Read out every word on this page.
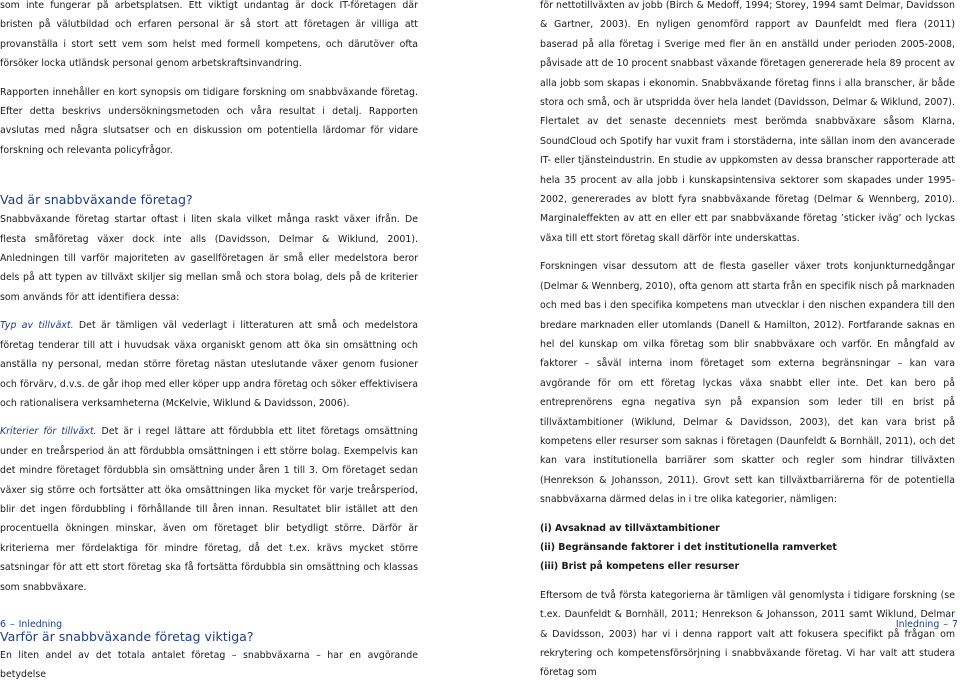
som inte fungerar på arbetsplatsen. Ett viktigt undantag är dock IT-företagen där bristen på välutbildad och erfaren personal är så stort att företagen är villiga att provanställa i stort sett vem som helst med formell kompetens, och därutöver ofta försöker locka utländsk personal genom arbetskraftsinvandring.

Rapporten innehåller en kort synopsis om tidigare forskning om snabbväxande företag. Efter detta beskrivs undersökningsmetoden och våra resultat i detalj. Rapporten avslutas med några slutsatser och en diskussion om potentiella lärdomar för vidare forskning och relevanta policyfrågor.

Vad är snabbväxande företag?

Snabbväxande företag startar oftast i liten skala vilket många raskt växer ifrån. De flesta småföretag växer dock inte alls (Davidsson, Delmar & Wiklund, 2001). Anledningen till varför majoriteten av gasellföretagen är små eller medelstora beror dels på att typen av tillväxt skiljer sig mellan små och stora bolag, dels på de kriterier som används för att identifiera dessa:

Typ av tillväxt. Det är tämligen väl vederlagt i litteraturen att små och medelstora företag tenderar till att i huvudsak växa organiskt genom att öka sin omsättning och anställa ny personal, medan större företag nästan uteslutande växer genom fusioner och förvärv, d.v.s. de går ihop med eller köper upp andra företag och söker effektivisera och rationalisera verksamheterna (McKelvie, Wiklund & Davidsson, 2006).

Kriterier för tillväxt. Det är i regel lättare att fördubbla ett litet företags omsättning under en treårsperiod än att fördubbla omsättningen i ett större bolag. Exempelvis kan det mindre företaget fördubbla sin omsättning under åren 1 till 3. Om företaget sedan växer sig större och fortsätter att öka omsättningen lika mycket för varje treårsperiod, blir det ingen fördubbling i förhållande till åren innan. Resultatet blir istället att den procentuella ökningen minskar, även om företaget blir betydligt större. Därför är kriterierna mer fördelaktiga för mindre företag, då det t.ex. krävs mycket större satsningar för att ett stort företag ska få fortsätta fördubbla sin omsättning och klassas som snabbväxare.

Varför är snabbväxande företag viktiga?

En liten andel av det totala antalet företag – snabbväxarna – har en avgörande betydelse

för nettotillväxten av jobb (Birch & Medoff, 1994; Storey, 1994 samt Delmar, Davidsson & Gartner, 2003). En nyligen genomförd rapport av Daunfeldt med flera (2011) baserad på alla företag i Sverige med fler än en anställd under perioden 2005-2008, påvisade att de 10 procent snabbast växande företagen genererade hela 89 procent av alla jobb som skapas i ekonomin. Snabbväxande företag finns i alla branscher, är både stora och små, och är utspridda över hela landet (Davidsson, Delmar & Wiklund, 2007). Flertalet av det senaste decenniets mest berömda snabbväxare såsom Klarna, SoundCloud och Spotify har vuxit fram i storstäderna, inte sällan inom den avancerade IT- eller tjänsteindustrin. En studie av uppkomsten av dessa branscher rapporterade att hela 35 procent av alla jobb i kunskapsintensiva sektorer som skapades under 1995-2002, genererades av blott fyra snabbväxande företag (Delmar & Wennberg, 2010). Marginaleffekten av att en eller ett par snabbväxande företag ’sticker iväg’ och lyckas växa till ett stort företag skall därför inte underskattas.

Forskningen visar dessutom att de flesta gaseller växer trots konjunkturnedgångar (Delmar & Wennberg, 2010), ofta genom att starta från en specifik nisch på marknaden och med bas i den specifika kompetens man utvecklar i den nischen expandera till den bredare marknaden eller utomlands (Danell & Hamilton, 2012). Fortfarande saknas en hel del kunskap om vilka företag som blir snabbväxare och varför. En mångfald av faktorer – såväl interna inom företaget som externa begränsningar – kan vara avgörande för om ett företag lyckas växa snabbt eller inte. Det kan bero på entreprenörens egna negativa syn på expansion som leder till en brist på tillväxtambitioner (Wiklund, Delmar & Davidsson, 2003), det kan vara brist på kompetens eller resurser som saknas i företagen (Daunfeldt & Bornhäll, 2011), och det kan vara institutionella barriärer som skatter och regler som hindrar tillväxten (Henrekson & Johansson, 2011). Grovt sett kan tillväxtbarriärerna för de potentiella snabbväxarna därmed delas in i tre olika kategorier, nämligen:

(i) Avsaknad av tillväxtambitioner
(ii) Begränsande faktorer i det institutionella ramverket
(iii) Brist på kompetens eller resurser

Eftersom de två första kategorierna är tämligen väl genomlysta i tidigare forskning (se t.ex. Daunfeldt & Bornhäll, 2011; Henrekson & Johansson, 2011 samt Wiklund, Delmar & Davidsson, 2003) har vi i denna rapport valt att fokusera specifikt på frågan om rekrytering och kompetensförsörjning i snabbväxande företag. Vi har valt att studera företag som

6 – Inledning	Inledning – 7
